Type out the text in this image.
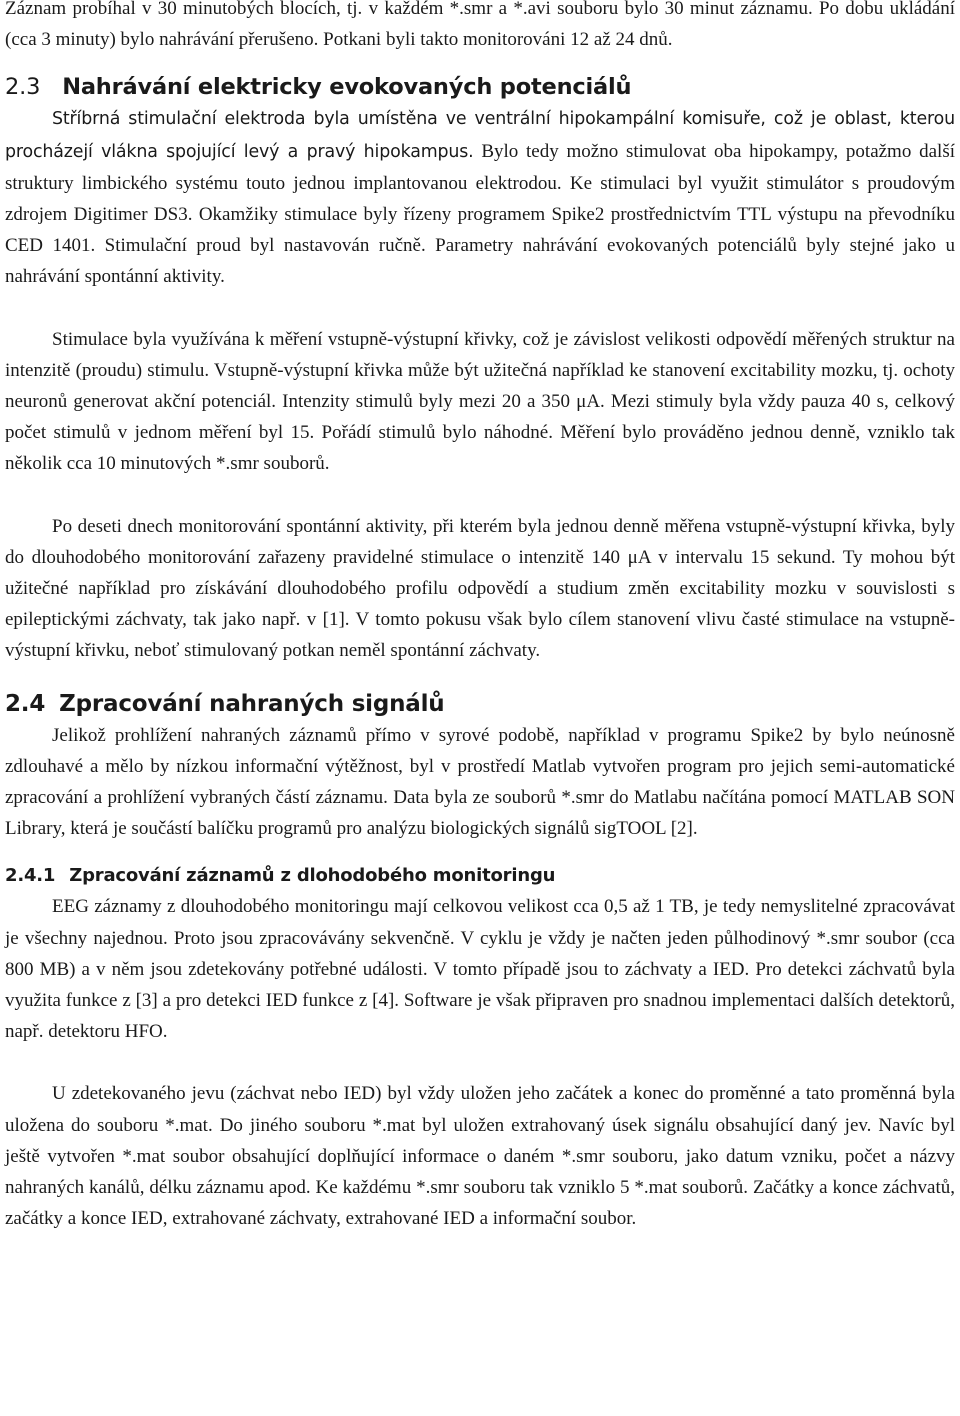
Záznam probíhal v 30 minutobých blocích, tj. v každém *.smr a *.avi souboru bylo 30 minut záznamu. Po dobu ukládání (cca 3 minuty) bylo nahrávání přerušeno. Potkani byli takto monitorováni 12 až 24 dnů.

2.3 Nahrávání elektricky evokovaných potenciálů

Stříbrná stimulační elektroda byla umístěna ve ventrální hipokampální komisuře, což je oblast, kterou procházejí vlákna spojující levý a pravý hipokampus. Bylo tedy možno stimulovat oba hipokampy, potažmo další struktury limbického systému touto jednou implantovanou elektrodou. Ke stimulaci byl využit stimulátor s proudovým zdrojem Digitimer DS3. Okamžiky stimulace byly řízeny programem Spike2 prostřednictvím TTL výstupu na převodníku CED 1401. Stimulační proud byl nastavován ručně. Parametry nahrávání evokovaných potenciálů byly stejné jako u nahrávání spontánní aktivity.

Stimulace byla využívána k měření vstupně-výstupní křivky, což je závislost velikosti odpovědí měřených struktur na intenzitě (proudu) stimulu. Vstupně-výstupní křivka může být užitečná například ke stanovení excitability mozku, tj. ochoty neuronů generovat akční potenciál. Intenzity stimulů byly mezi 20 a 350 μA. Mezi stimuly byla vždy pauza 40 s, celkový počet stimulů v jednom měření byl 15. Pořádí stimulů bylo náhodné. Měření bylo prováděno jednou denně, vzniklo tak několik cca 10 minutových *.smr souborů.

Po deseti dnech monitorování spontánní aktivity, při kterém byla jednou denně měřena vstupně-výstupní křivka, byly do dlouhodobého monitorování zařazeny pravidelné stimulace o intenzitě 140 μA v intervalu 15 sekund. Ty mohou být užitečné například pro získávání dlouhodobého profilu odpovědí a studium změn excitability mozku v souvislosti s epileptickými záchvaty, tak jako např. v [1]. V tomto pokusu však bylo cílem stanovení vlivu časté stimulace na vstupně-výstupní křivku, neboť stimulovaný potkan neměl spontánní záchvaty.

2.4 Zpracování nahraných signálů

Jelikož prohlížení nahraných záznamů přímo v syrové podobě, například v programu Spike2 by bylo neúnosně zdlouhavé a mělo by nízkou informační výtěžnost, byl v prostředí Matlab vytvořen program pro jejich semi-automatické zpracování a prohlížení vybraných částí záznamu. Data byla ze souborů *.smr do Matlabu načítána pomocí MATLAB SON Library, která je součástí balíčku programů pro analýzu biologických signálů sigTOOL [2].

2.4.1 Zpracování záznamů z dlohodobého monitoringu

EEG záznamy z dlouhodobého monitoringu mají celkovou velikost cca 0,5 až 1 TB, je tedy nemyslitelné zpracovávat je všechny najednou. Proto jsou zpracovávány sekvenčně. V cyklu je vždy je načten jeden půlhodinový *.smr soubor (cca 800 MB) a v něm jsou zdetekovány potřebné události. V tomto případě jsou to záchvaty a IED. Pro detekci záchvatů byla využita funkce z [3] a pro detekci IED funkce z [4]. Software je však připraven pro snadnou implementaci dalších detektorů, např. detektoru HFO.

U zdetekovaného jevu (záchvat nebo IED) byl vždy uložen jeho začátek a konec do proměnné a tato proměnná byla uložena do souboru *.mat. Do jiného souboru *.mat byl uložen extrahovaný úsek signálu obsahující daný jev. Navíc byl ještě vytvořen *.mat soubor obsahující doplňující informace o daném *.smr souboru, jako datum vzniku, počet a názvy nahraných kanálů, délku záznamu apod. Ke každému *.smr souboru tak vzniklo 5 *.mat souborů. Začátky a konce záchvatů, začátky a konce IED, extrahované záchvaty, extrahované IED a informační soubor.
